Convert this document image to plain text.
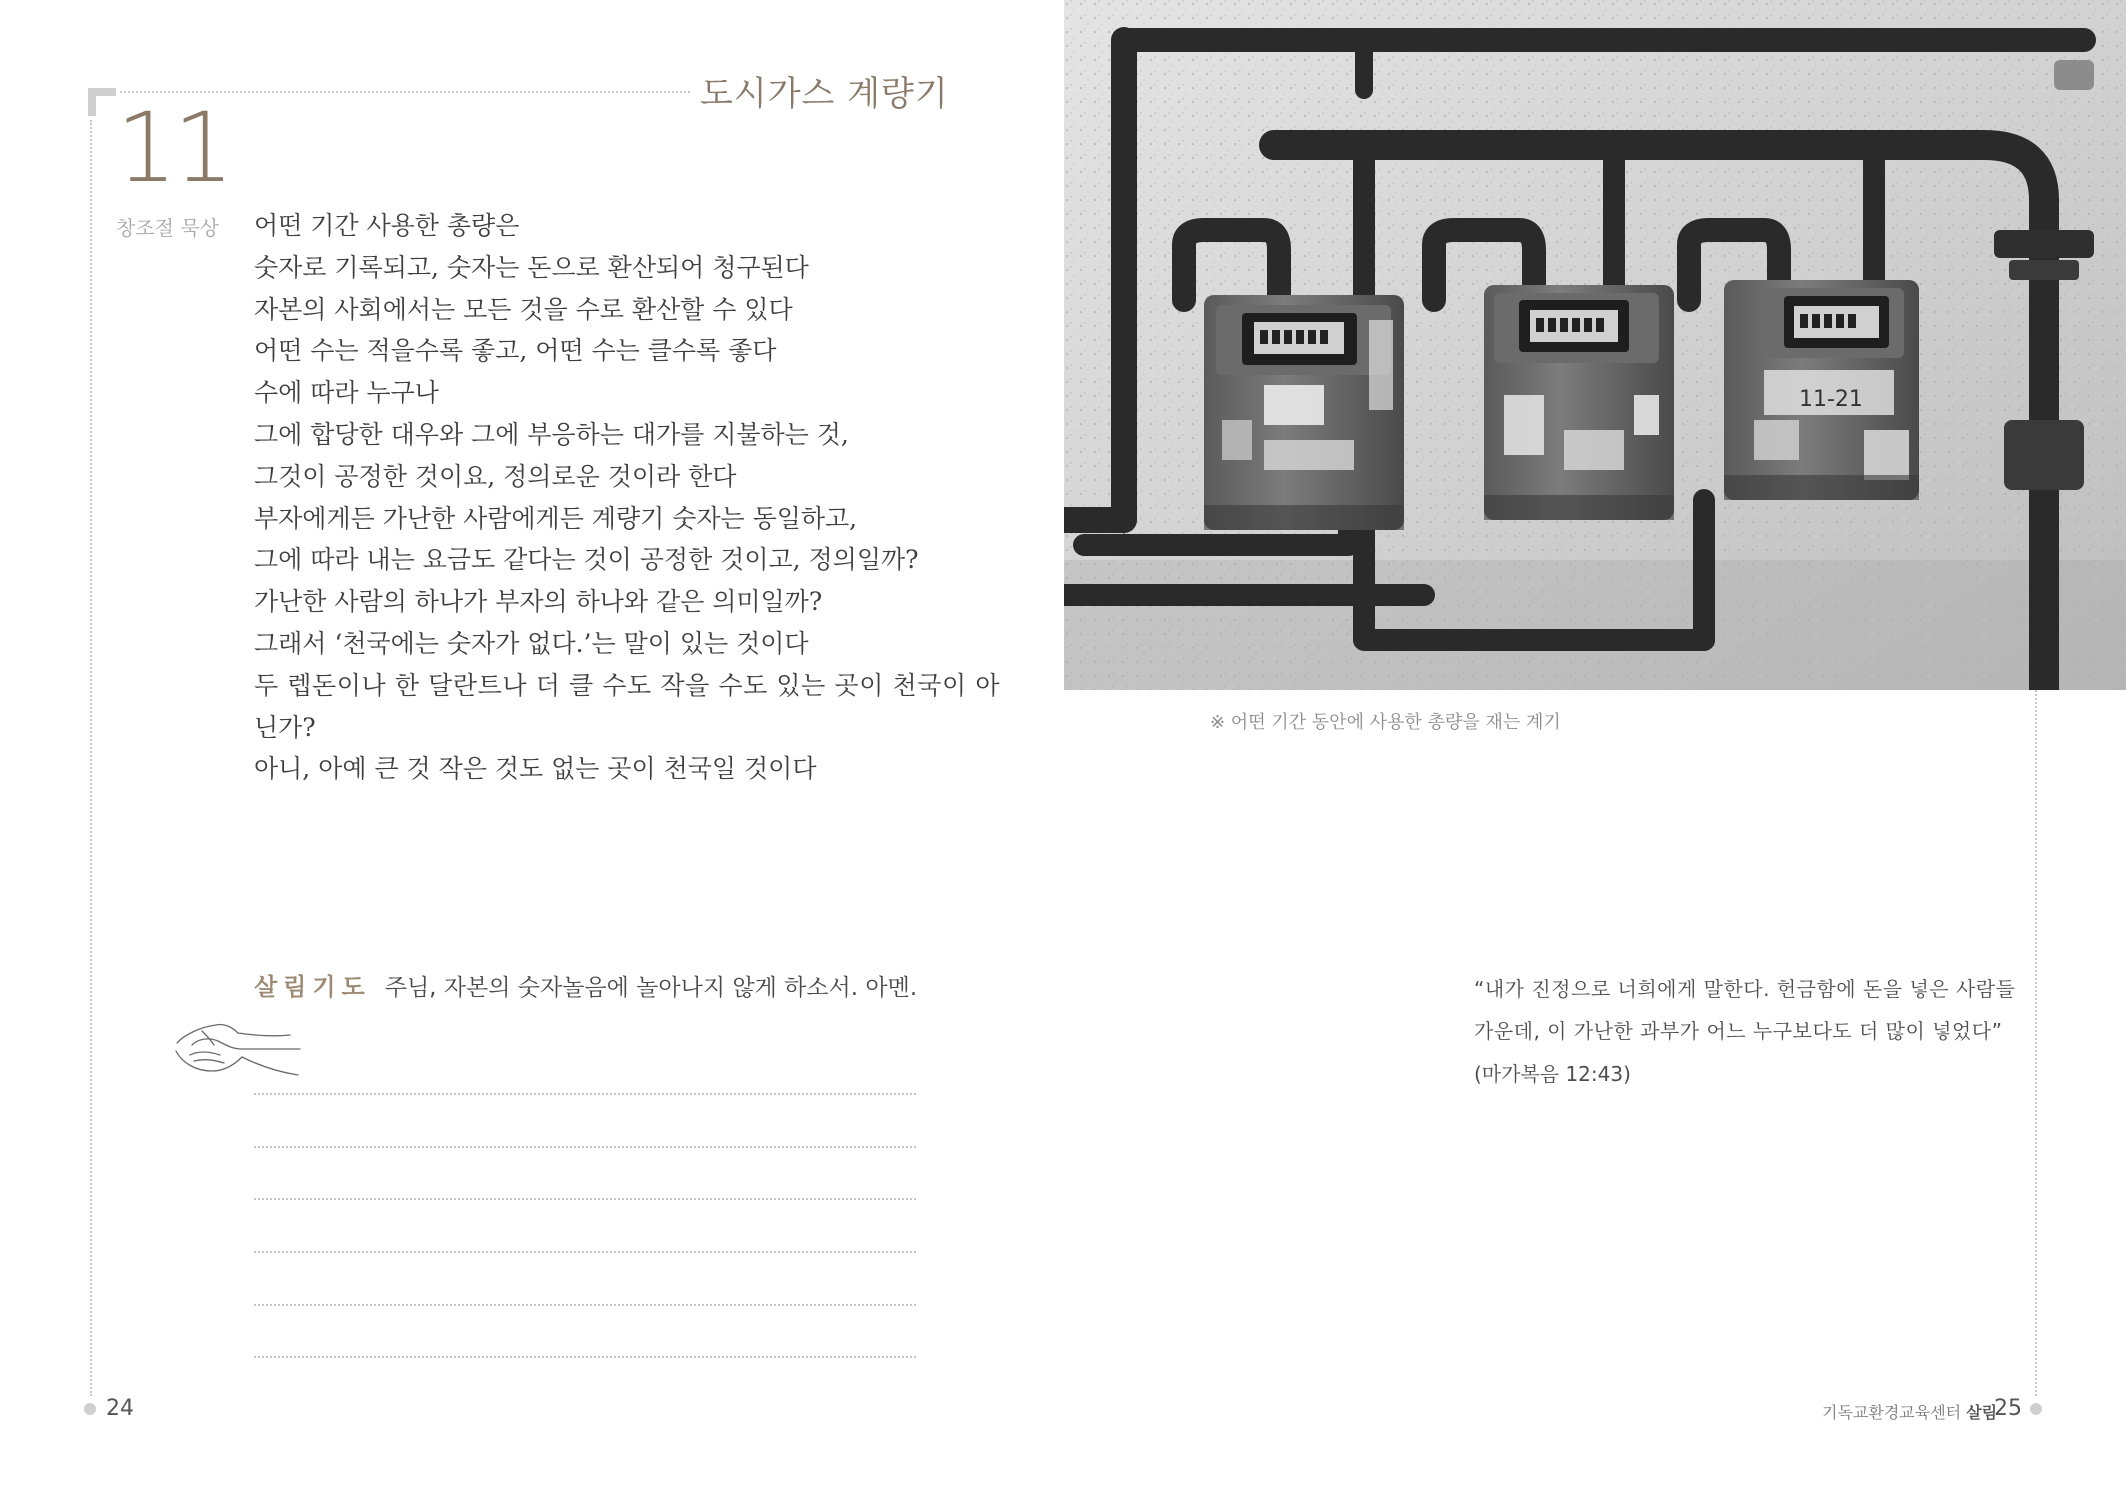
도시가스 계량기
11
창조절 묵상 어떤 기간 사용한 총량은
숫자로 기록되고, 숫자는 돈으로 환산되어 청구된다
자본의 사회에서는 모든 것을 수로 환산할 수 있다
어떤 수는 적을수록 좋고, 어떤 수는 클수록 좋다
수에 따라 누구나
그에 합당한 대우와 그에 부응하는 대가를 지불하는 것,
그것이 공정한 것이요, 정의로운 것이라 한다
부자에게든 가난한 사람에게든 계량기 숫자는 동일하고,
그에 따라 내는 요금도 같다는 것이 공정한 것이고, 정의일까?
가난한 사람의 하나가 부자의 하나와 같은 의미일까?
그래서 ‘천국에는 숫자가 없다.’는 말이 있는 것이다
두 렙돈이나 한 달란트나 더 클 수도 작을 수도 있는 곳이 천국이 아
닌가?
아니, 아예 큰 것 작은 것도 없는 곳이 천국일 것이다
살림기도 주님, 자본의 숫자놀음에 놀아나지 않게 하소서. 아멘.
11-21
※ 어떤 기간 동안에 사용한 총량을 재는 계기
“내가 진정으로 너희에게 말한다. 헌금함에 돈을 넣은 사람들
가운데, 이 가난한 과부가 어느 누구보다도 더 많이 넣었다”
(마가복음 12:43)
24	기독교환경교육센터 살림
25
